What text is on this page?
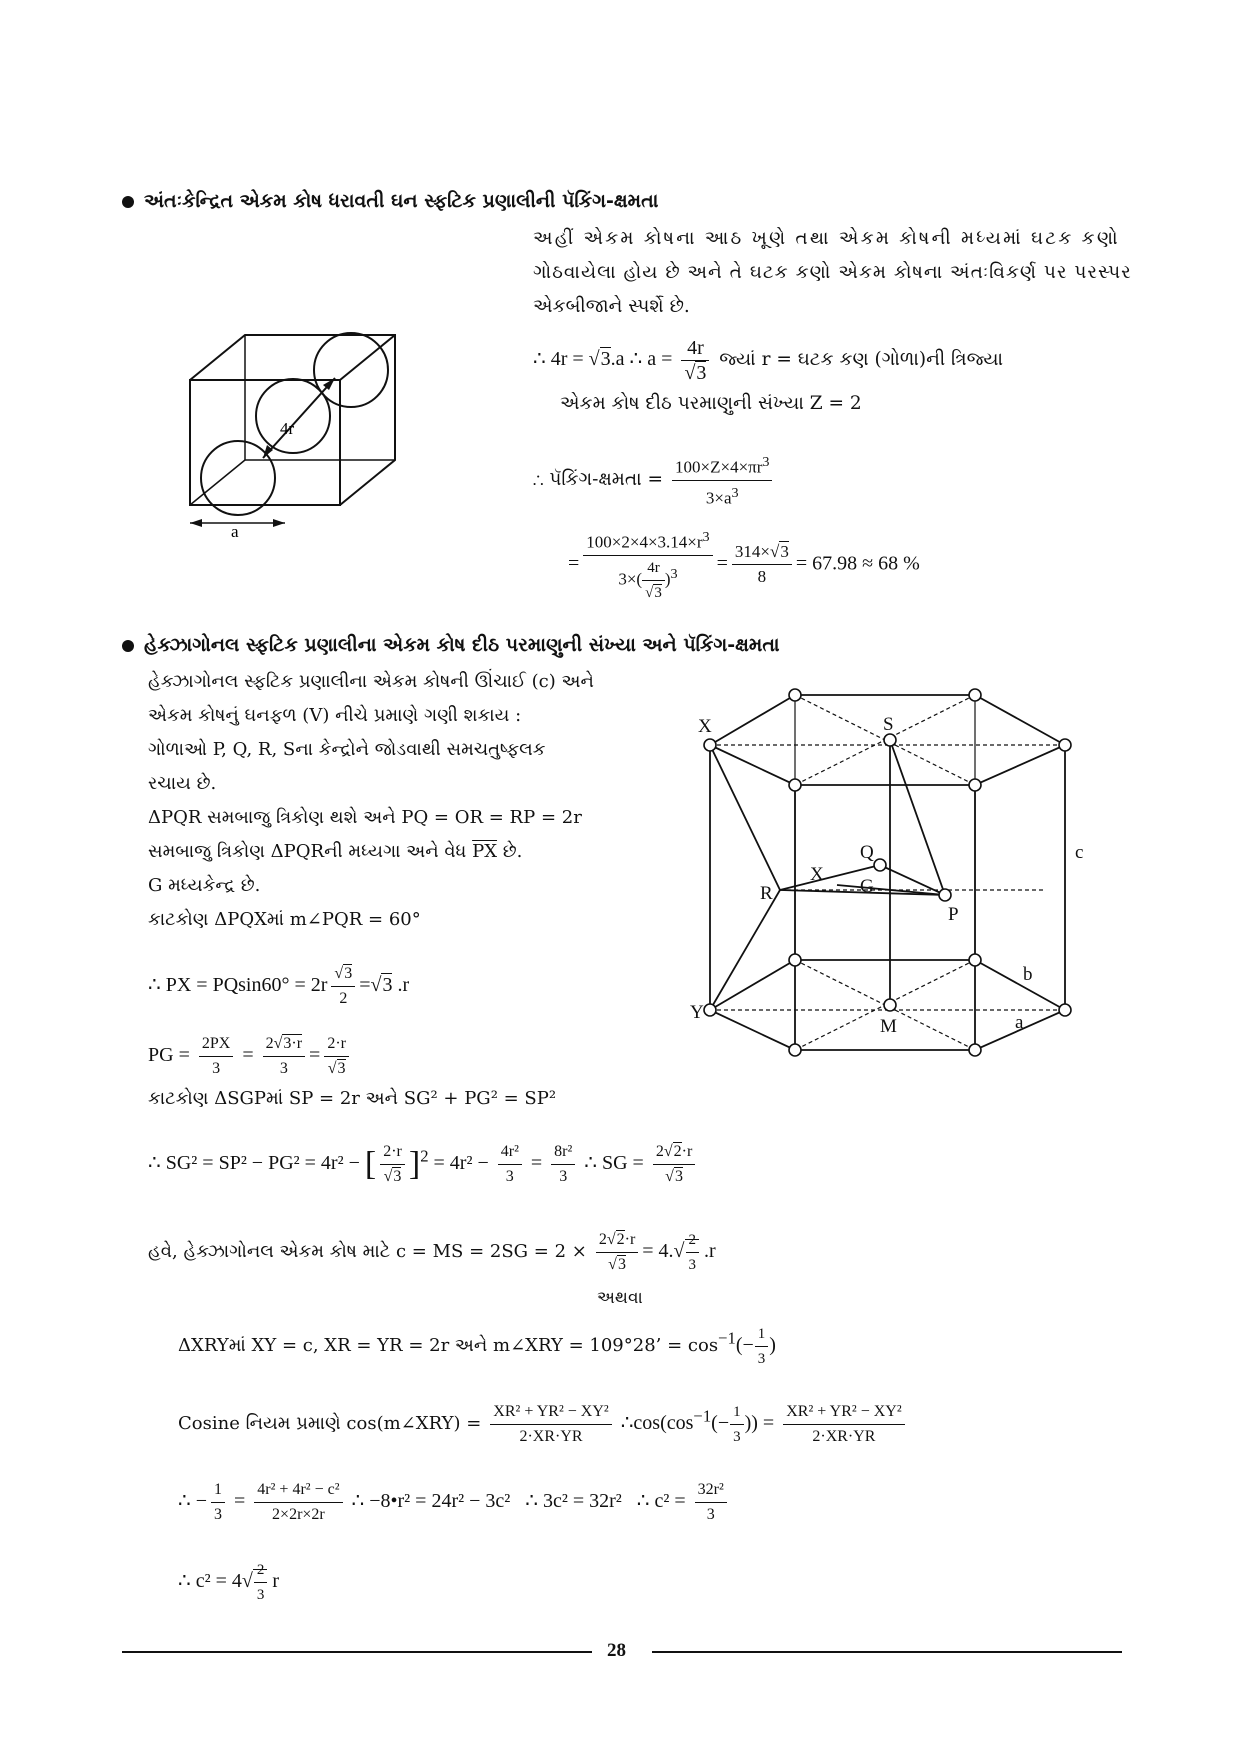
અંતઃકેન્દ્રિત એકમ કોષ ધરાવતી ઘન સ્ફટિક પ્રણાલીની પૅકિંગ-ક્ષમતા
અહીં એકમ કોષના આઠ ખૂણે તથા એકમ કોષની મધ્યમાં ઘટક કણો
ગોઠવાયેલા હોય છે અને તે ઘટક કણો એકમ કોષના અંતઃવિકર્ણ પર પરસ્પર
એકબીજાને સ્પર્શે છે.
4r
a
∴ 4r = √3.a ∴ $a = \frac{4r}{√3}$ જ્યાં r = ઘટક કણ (ગોળા)ની ત્રિજ્યા
એકમ કોષ દીઠ પરમાણુની સંખ્યા Z = 2
∴ પૅકિંગ-ક્ષમતા = $\frac{100\times Z\times 4\times\pi r^3}{3\times a^3}$
= $\frac{100\times 2\times 4\times 3.14\times r^3}{3\times( \frac{4r}{√3} )^3} = \frac{314\times√3}{8} = 67.98 \approx 68$ %
હેક્ઝાગોનલ સ્ફટિક પ્રણાલીના એકમ કોષ દીઠ પરમાણુની સંખ્યા અને પૅકિંગ-ક્ષમતા
હેક્ઝાગોનલ સ્ફટિક પ્રણાલીના એકમ કોષની ઊંચાઈ (c) અને
એકમ કોષનું ઘનફળ (V) નીચે પ્રમાણે ગણી શકાય :
ગોળાઓ P, Q, R, Sના કેન્દ્રોને જોડવાથી સમચતુષ્ફલક
રચાય છે.
ΔPQR સમબાજુ ત્રિકોણ થશે અને PQ = OR = RP = 2r
સમબાજુ ત્રિકોણ ΔPQRની મધ્યગા અને વેધ $\overline{PX}$ છે.
G મધ્યકેન્દ્ર છે.
કાટકોણ ΔPQXમાં m∠PQR = 60°
X	S
Q
X
G
R
P
c
b
Y
M	a
∴ PX = $PQsin60^\circ = 2r \frac{√3}{2} =√3$ .r
PG = $\frac{2PX}{3} = \frac{2√3\cdot r}{3} = \frac{2\cdot r}{√3}$
કાટકોણ ΔSGPમાં SP = 2r અને SG² + PG² = SP²
∴ SG² = SP² − PG² = 4r² − [ $\frac{2\cdot r}{√3} ]^2 = 4r^2 - \frac{\text{4r²}}{3} = \frac{\text{8r²}}{3}$ ∴ SG = $\frac{2√2\cdot r}{√3}$
હવે, હેક્ઝાગોનલ એકમ કોષ માટે c = MS = $2SG = 2 \times \frac{2√2\cdot r}{√3} = 4.√ \frac{2}{3} .r$
અથવા
ΔXRYમાં XY = c, XR = YR = 2r અને m∠XRY = 109°28’ = $\cos^{-1}(- \frac{1}{3}$ )
Cosine નિયમ પ્રમાણે cos(m∠XRY) = $\frac{\text{XR² + YR² − XY²}}{2\cdot XR\cdot YR}$ $\therefore\cos(\cos^{-1}(- \frac{1}{3}$ )) = $\frac{\text{XR² + YR² − XY²}}{2\cdot XR\cdot YR}$
∴ − $\frac{1}{3} = \frac{\text{4r² + 4r² − c²}}{2\times 2r\times 2r}$ ∴ −8•r² = 24r² − 3c²   ∴ 3c² = 32r²   ∴ $c^2 = \frac{\text{32r²}}{3}$
∴ $c^2 = 4√ \frac{2}{3}$ r
28
